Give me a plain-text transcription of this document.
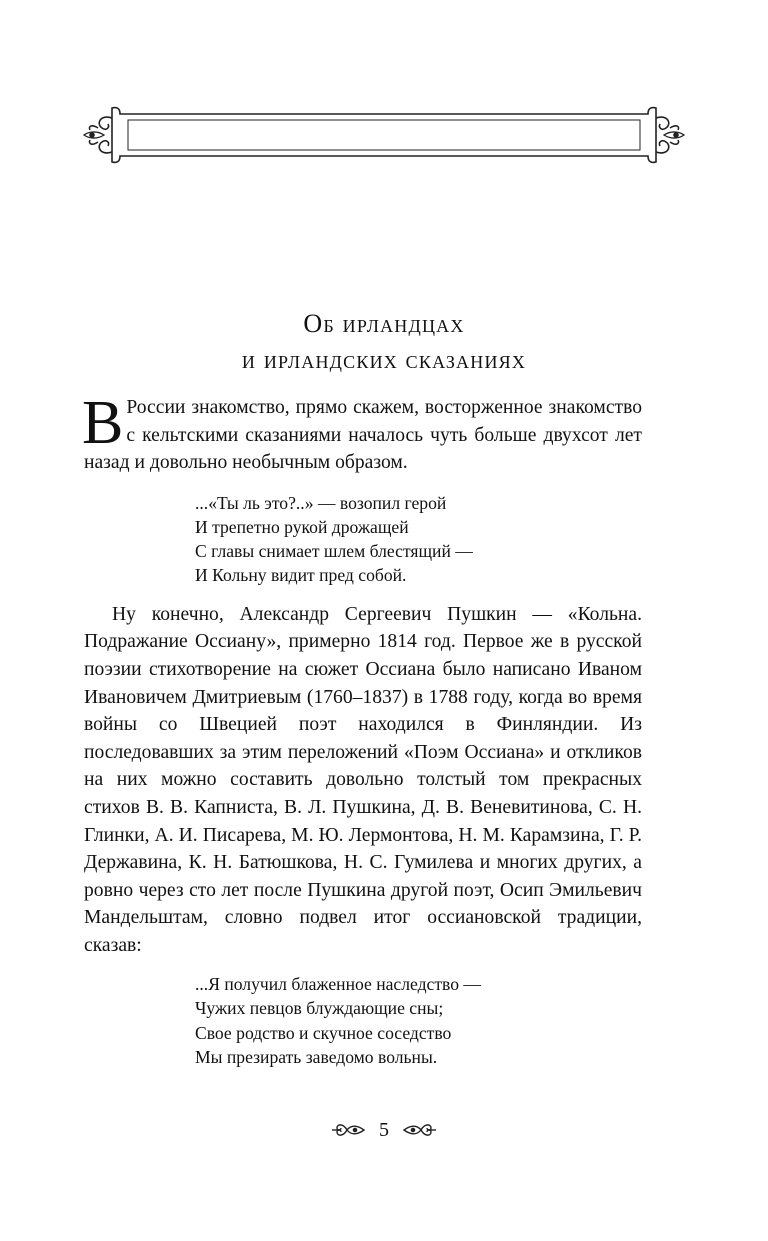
Об ирландцах
и ирландских сказаниях
В России знакомство, прямо скажем, восторженное знакомство с кельтскими сказаниями началось чуть больше двухсот лет назад и довольно необычным образом.
...«Ты ль это?..» — возопил герой
И трепетно рукой дрожащей
С главы снимает шлем блестящий —
И Кольну видит пред собой.

Ну конечно, Александр Сергеевич Пушкин — «Кольна. Подражание Оссиану», примерно 1814 год. Первое же в русской поэзии стихотворение на сюжет Оссиана было написано Иваном Ивановичем Дмитриевым (1760–1837) в 1788 году, когда во время войны со Швецией поэт находился в Финляндии. Из последовавших за этим переложений «Поэм Оссиана» и откликов на них можно составить довольно толстый том прекрасных стихов В. В. Капниста, В. Л. Пушкина, Д. В. Веневитинова, С. Н. Глинки, А. И. Писарева, М. Ю. Лермонтова, Н. М. Карамзина, Г. Р. Державина, К. Н. Батюшкова, Н. С. Гумилева и многих других, а ровно через сто лет после Пушкина другой поэт, Осип Эмильевич Мандельштам, словно подвел итог оссиановской традиции, сказав:

...Я получил блаженное наследство —
Чужих певцов блуждающие сны;
Свое родство и скучное соседство
Мы презирать заведомо вольны.
5
